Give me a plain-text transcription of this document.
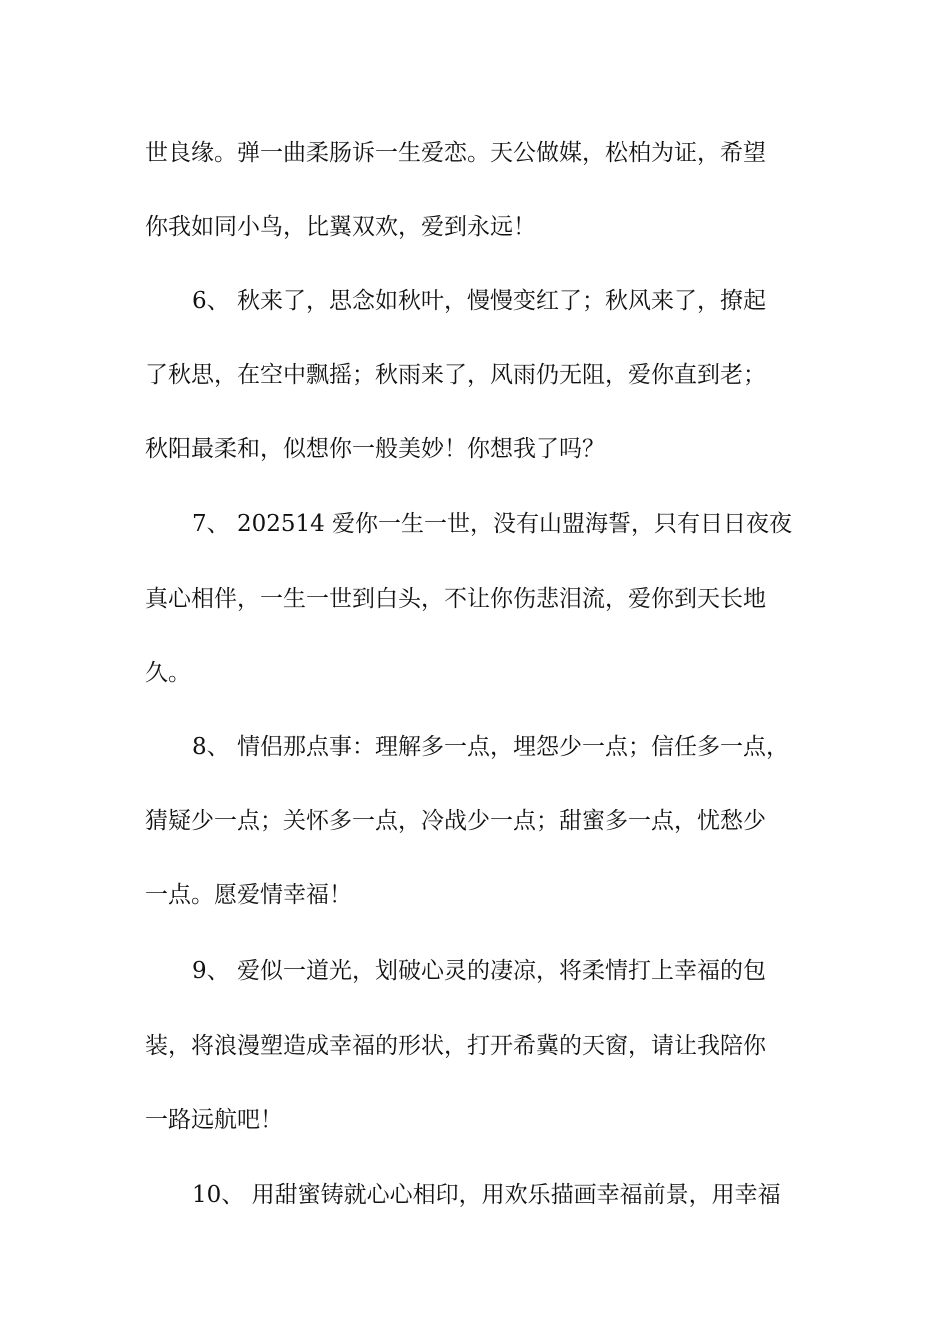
世良缘。弹一曲柔肠诉一生爱恋。天公做媒，松柏为证，希望
你我如同小鸟，比翼双欢，爱到永远！
6、 秋来了，思念如秋叶，慢慢变红了；秋风来了，撩起
了秋思，在空中飘摇；秋雨来了，风雨仍无阻，爱你直到老；
秋阳最柔和，似想你一般美妙！你想我了吗？
7、 202514 爱你一生一世，没有山盟海誓，只有日日夜夜
真心相伴，一生一世到白头，不让你伤悲泪流，爱你到天长地
久。
8、 情侣那点事：理解多一点，埋怨少一点；信任多一点，
猜疑少一点；关怀多一点，冷战少一点；甜蜜多一点，忧愁少
一点。愿爱情幸福！
9、 爱似一道光，划破心灵的凄凉，将柔情打上幸福的包
装，将浪漫塑造成幸福的形状，打开希冀的天窗，请让我陪你
一路远航吧！
10、 用甜蜜铸就心心相印，用欢乐描画幸福前景，用幸福
